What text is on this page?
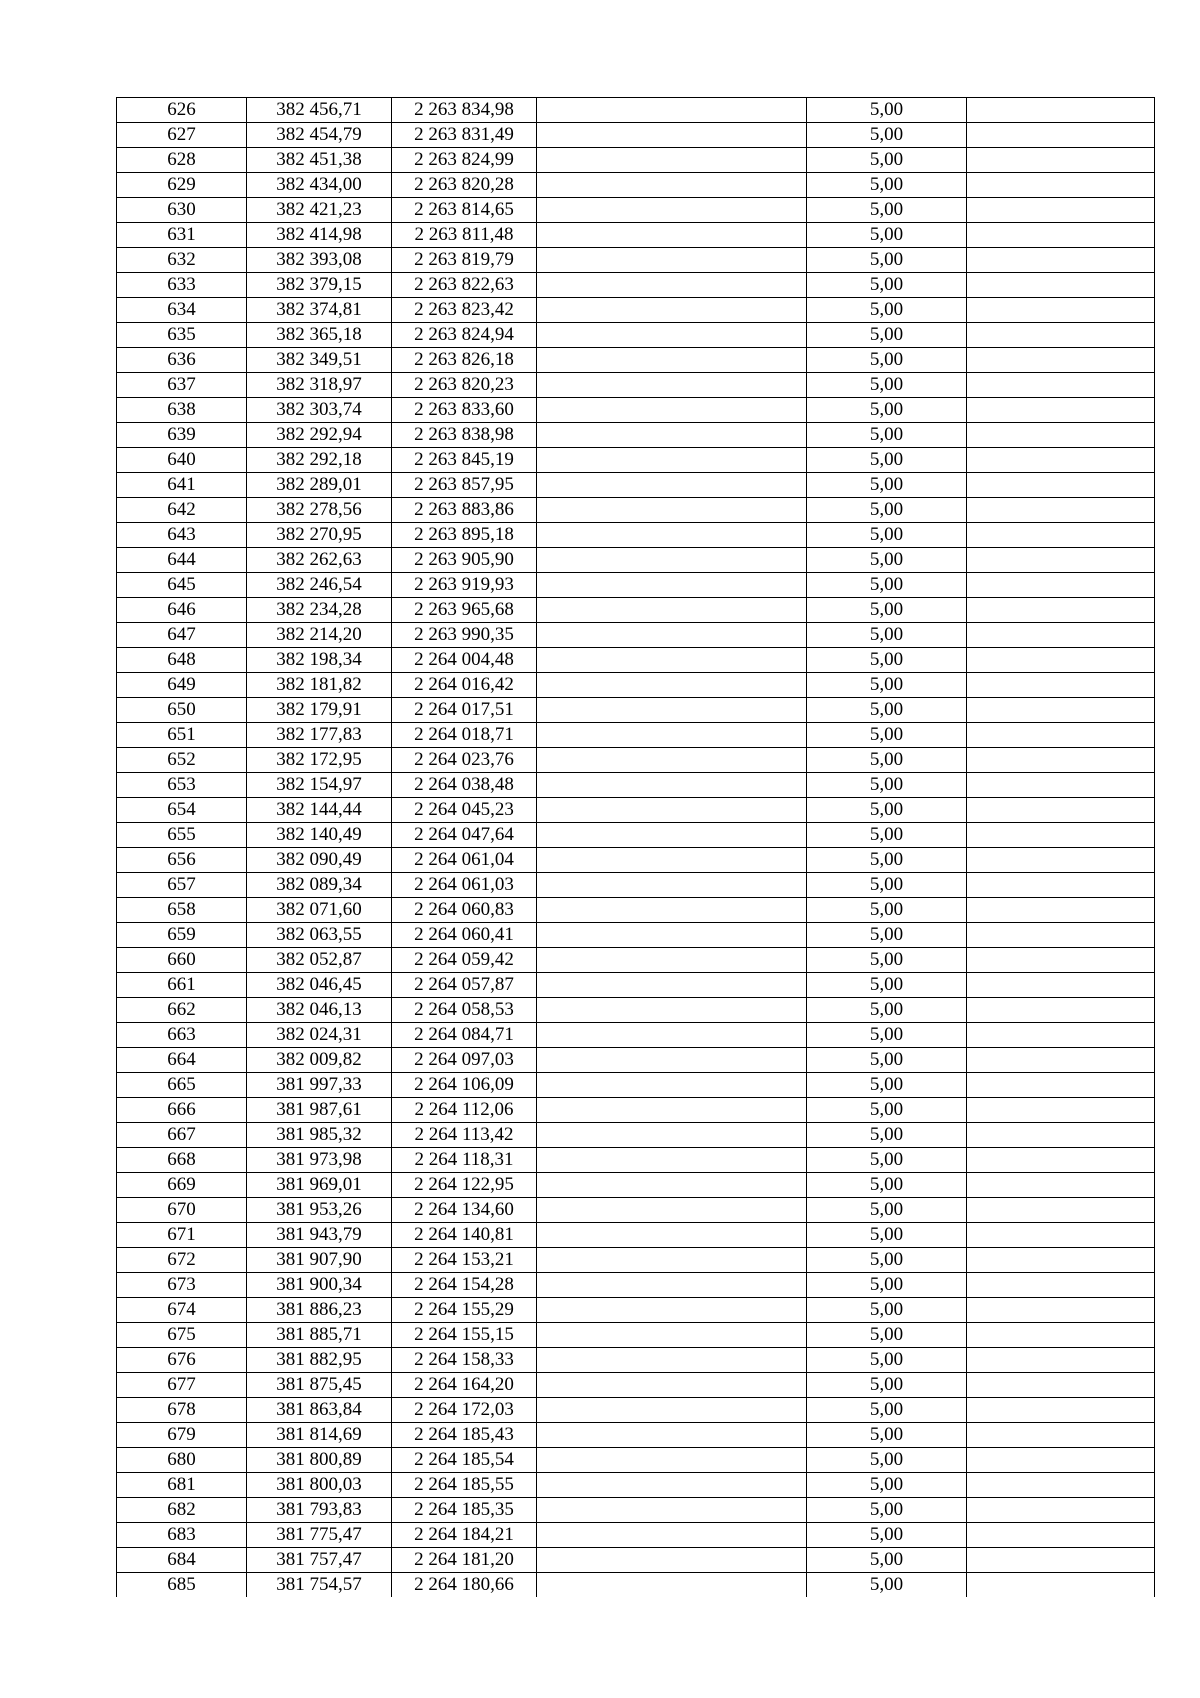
626	382 456,71	2 263 834,98		5,00	
627	382 454,79	2 263 831,49		5,00	
628	382 451,38	2 263 824,99		5,00	
629	382 434,00	2 263 820,28		5,00	
630	382 421,23	2 263 814,65		5,00	
631	382 414,98	2 263 811,48		5,00	
632	382 393,08	2 263 819,79		5,00	
633	382 379,15	2 263 822,63		5,00	
634	382 374,81	2 263 823,42		5,00	
635	382 365,18	2 263 824,94		5,00	
636	382 349,51	2 263 826,18		5,00	
637	382 318,97	2 263 820,23		5,00	
638	382 303,74	2 263 833,60		5,00	
639	382 292,94	2 263 838,98		5,00	
640	382 292,18	2 263 845,19		5,00	
641	382 289,01	2 263 857,95		5,00	
642	382 278,56	2 263 883,86		5,00	
643	382 270,95	2 263 895,18		5,00	
644	382 262,63	2 263 905,90		5,00	
645	382 246,54	2 263 919,93		5,00	
646	382 234,28	2 263 965,68		5,00	
647	382 214,20	2 263 990,35		5,00	
648	382 198,34	2 264 004,48		5,00	
649	382 181,82	2 264 016,42		5,00	
650	382 179,91	2 264 017,51		5,00	
651	382 177,83	2 264 018,71		5,00	
652	382 172,95	2 264 023,76		5,00	
653	382 154,97	2 264 038,48		5,00	
654	382 144,44	2 264 045,23		5,00	
655	382 140,49	2 264 047,64		5,00	
656	382 090,49	2 264 061,04		5,00	
657	382 089,34	2 264 061,03		5,00	
658	382 071,60	2 264 060,83		5,00	
659	382 063,55	2 264 060,41		5,00	
660	382 052,87	2 264 059,42		5,00	
661	382 046,45	2 264 057,87		5,00	
662	382 046,13	2 264 058,53		5,00	
663	382 024,31	2 264 084,71		5,00	
664	382 009,82	2 264 097,03		5,00	
665	381 997,33	2 264 106,09		5,00	
666	381 987,61	2 264 112,06		5,00	
667	381 985,32	2 264 113,42		5,00	
668	381 973,98	2 264 118,31		5,00	
669	381 969,01	2 264 122,95		5,00	
670	381 953,26	2 264 134,60		5,00	
671	381 943,79	2 264 140,81		5,00	
672	381 907,90	2 264 153,21		5,00	
673	381 900,34	2 264 154,28		5,00	
674	381 886,23	2 264 155,29		5,00	
675	381 885,71	2 264 155,15		5,00	
676	381 882,95	2 264 158,33		5,00	
677	381 875,45	2 264 164,20		5,00	
678	381 863,84	2 264 172,03		5,00	
679	381 814,69	2 264 185,43		5,00	
680	381 800,89	2 264 185,54		5,00	
681	381 800,03	2 264 185,55		5,00	
682	381 793,83	2 264 185,35		5,00	
683	381 775,47	2 264 184,21		5,00	
684	381 757,47	2 264 181,20		5,00	
685	381 754,57	2 264 180,66		5,00	
